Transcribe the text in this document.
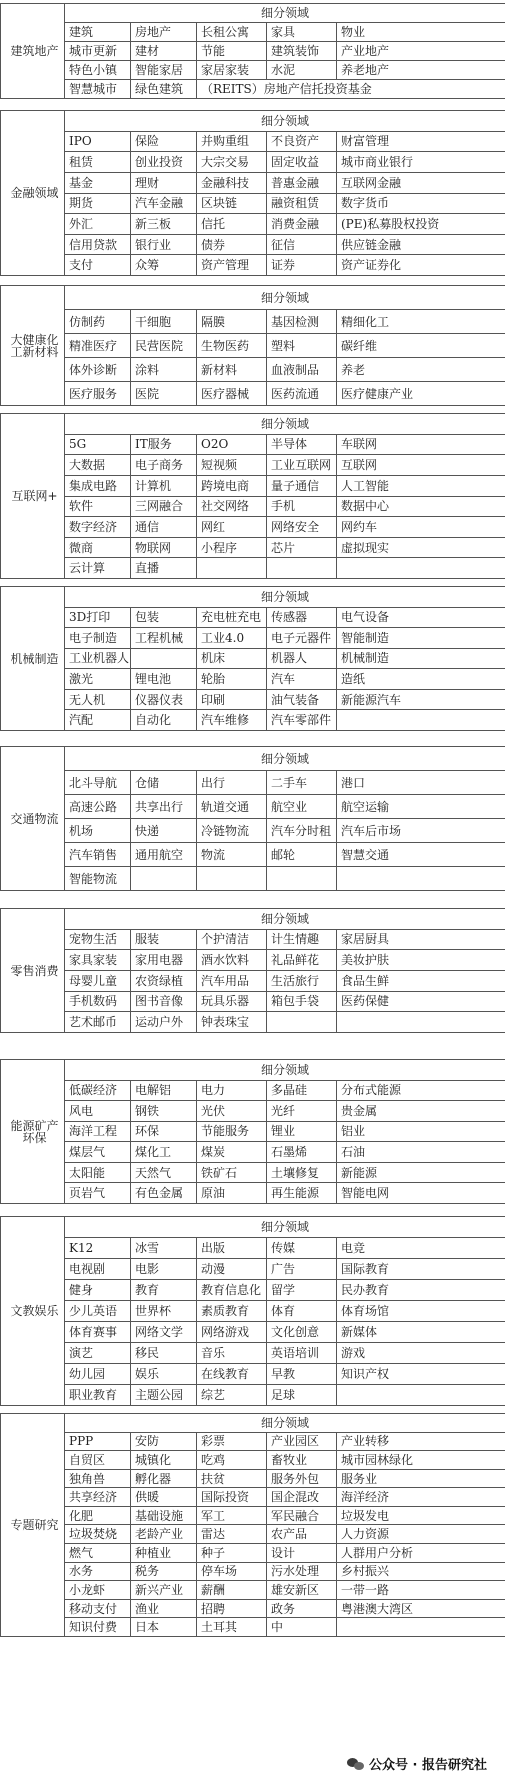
建筑地产	细分领域				
	建筑	房地产	长租公寓	家具	物业
	城市更新	建材	节能	建筑装饰	产业地产
	特色小镇	智能家居	家居家装	水泥	养老地产
	智慧城市	绿色建筑	（REITS）房地产信托投资基金		
金融领域	细分领域				
	IPO	保险	并购重组	不良资产	财富管理
	租赁	创业投资	大宗交易	固定收益	城市商业银行
	基金	理财	金融科技	普惠金融	互联网金融
	期货	汽车金融	区块链	融资租赁	数字货币
	外汇	新三板	信托	消费金融	(PE)私募股权投资
	信用贷款	银行业	债券	征信	供应链金融
	支付	众筹	资产管理	证券	资产证券化
大健康化工新材料	细分领域				
	仿制药	干细胞	隔膜	基因检测	精细化工
	精准医疗	民营医院	生物医药	塑料	碳纤维
	体外诊断	涂料	新材料	血液制品	养老
	医疗服务	医院	医疗器械	医药流通	医疗健康产业
互联网+	细分领域				
	5G	IT服务	O2O	半导体	车联网
	大数据	电子商务	短视频	工业互联网	互联网
	集成电路	计算机	跨境电商	量子通信	人工智能
	软件	三网融合	社交网络	手机	数据中心
	数字经济	通信	网红	网络安全	网约车
	微商	物联网	小程序	芯片	虚拟现实
	云计算	直播			
机械制造	细分领域				
	3D打印	包装	充电桩充电	传感器	电气设备
	电子制造	工程机械	工业4.0	电子元器件	智能制造
	工业机器人		机床	机器人	机械制造
	激光	锂电池	轮胎	汽车	造纸
	无人机	仪器仪表	印刷	油气装备	新能源汽车
	汽配	自动化	汽车维修	汽车零部件	
交通物流	细分领域				
	北斗导航	仓储	出行	二手车	港口
	高速公路	共享出行	轨道交通	航空业	航空运输
	机场	快递	冷链物流	汽车分时租	汽车后市场
	汽车销售	通用航空	物流	邮轮	智慧交通
	智能物流				
零售消费	细分领域				
	宠物生活	服装	个护清洁	计生情趣	家居厨具
	家具家装	家用电器	酒水饮料	礼品鲜花	美妆护肤
	母婴儿童	农资绿植	汽车用品	生活旅行	食品生鲜
	手机数码	图书音像	玩具乐器	箱包手袋	医药保健
	艺术邮币	运动户外	钟表珠宝		
能源矿产环保	细分领域				
	低碳经济	电解铝	电力	多晶硅	分布式能源
	风电	钢铁	光伏	光纤	贵金属
	海洋工程	环保	节能服务	锂业	铝业
	煤层气	煤化工	煤炭	石墨烯	石油
	太阳能	天然气	铁矿石	土壤修复	新能源
	页岩气	有色金属	原油	再生能源	智能电网
文教娱乐	细分领域				
	K12	冰雪	出版	传媒	电竞
	电视剧	电影	动漫	广告	国际教育
	健身	教育	教育信息化	留学	民办教育
	少儿英语	世界杯	素质教育	体育	体育场馆
	体育赛事	网络文学	网络游戏	文化创意	新媒体
	演艺	移民	音乐	英语培训	游戏
	幼儿园	娱乐	在线教育	早教	知识产权
	职业教育	主题公园	综艺	足球	
专题研究	细分领域				
	PPP	安防	彩票	产业园区	产业转移
	自贸区	城镇化	吃鸡	畜牧业	城市园林绿化
	独角兽	孵化器	扶贫	服务外包	服务业
	共享经济	供暖	国际投资	国企混改	海洋经济
	化肥	基础设施	军工	军民融合	垃圾发电
	垃圾焚烧	老龄产业	雷达	农产品	人力资源
	燃气	种植业	种子	设计	人群用户分析
	水务	税务	停车场	污水处理	乡村振兴
	小龙虾	新兴产业	薪酬	雄安新区	一带一路
	移动支付	渔业	招聘	政务	粤港澳大湾区
	知识付费	日本	土耳其	中	
公众号 · 报告研究社
